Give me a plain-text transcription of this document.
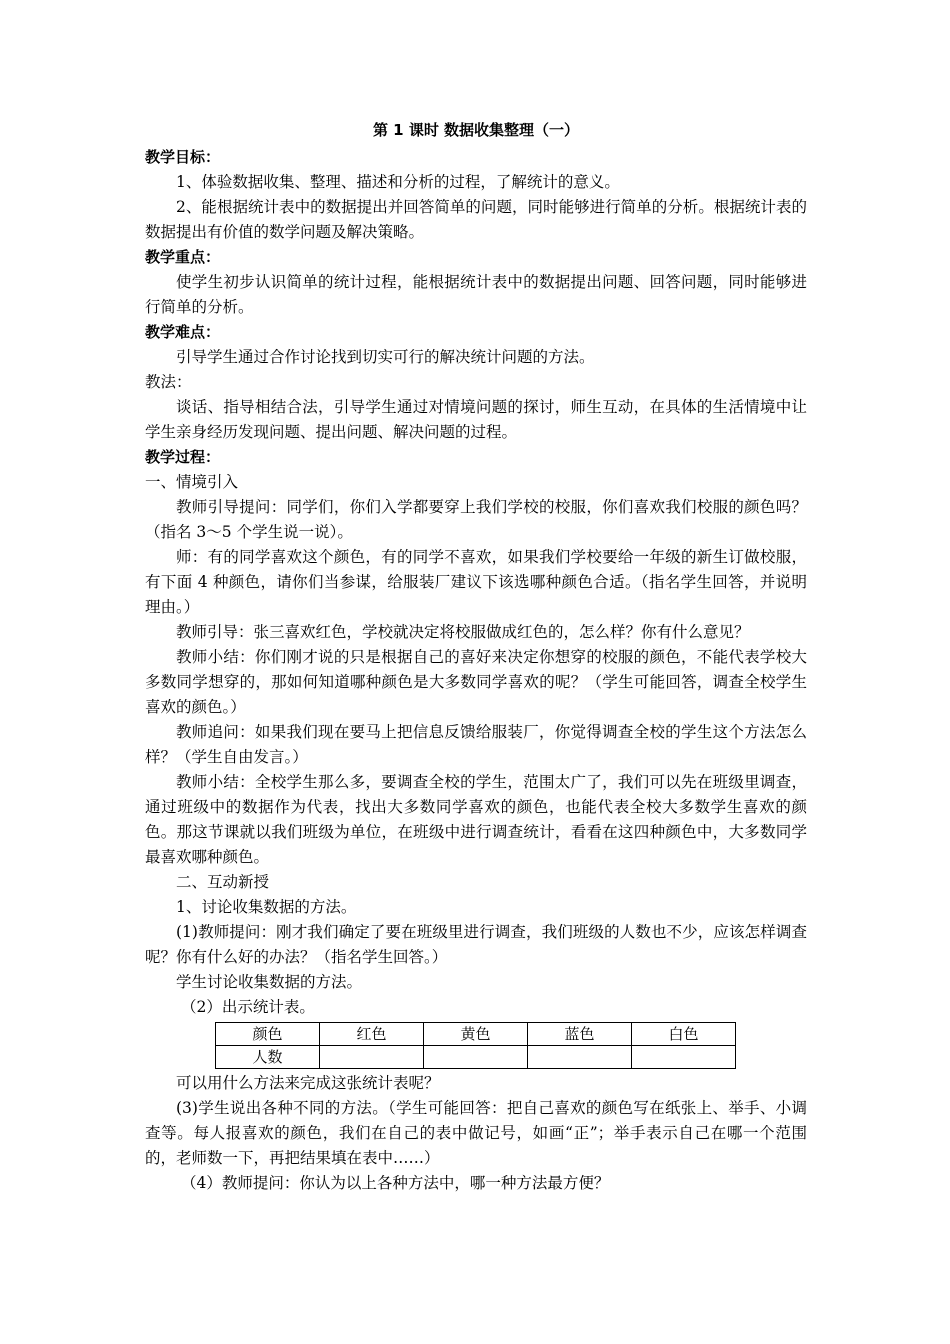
第 1 课时 数据收集整理（一）

教学目标：

1、体验数据收集、整理、描述和分析的过程，了解统计的意义。

2、能根据统计表中的数据提出并回答简单的问题，同时能够进行简单的分析。根据统计表的数据提出有价值的数学问题及解决策略。

教学重点：

使学生初步认识简单的统计过程，能根据统计表中的数据提出问题、回答问题，同时能够进行简单的分析。

教学难点：

引导学生通过合作讨论找到切实可行的解决统计问题的方法。

教法：

谈话、指导相结合法，引导学生通过对情境问题的探讨，师生互动，在具体的生活情境中让学生亲身经历发现问题、提出问题、解决问题的过程。

教学过程：

一、情境引入

教师引导提问：同学们，你们入学都要穿上我们学校的校服，你们喜欢我们校服的颜色吗？（指名 3～5 个学生说一说）。

师：有的同学喜欢这个颜色，有的同学不喜欢，如果我们学校要给一年级的新生订做校服，有下面 4 种颜色，请你们当参谋，给服装厂建议下该选哪种颜色合适。（指名学生回答，并说明理由。）

教师引导：张三喜欢红色，学校就决定将校服做成红色的，怎么样？你有什么意见？

教师小结：你们刚才说的只是根据自己的喜好来决定你想穿的校服的颜色，不能代表学校大多数同学想穿的，那如何知道哪种颜色是大多数同学喜欢的呢？（学生可能回答，调查全校学生喜欢的颜色。）

教师追问：如果我们现在要马上把信息反馈给服装厂，你觉得调查全校的学生这个方法怎么样？（学生自由发言。）

教师小结：全校学生那么多，要调查全校的学生，范围太广了，我们可以先在班级里调查，通过班级中的数据作为代表，找出大多数同学喜欢的颜色，也能代表全校大多数学生喜欢的颜色。那这节课就以我们班级为单位，在班级中进行调查统计，看看在这四种颜色中，大多数同学最喜欢哪种颜色。

二、互动新授

1、讨论收集数据的方法。

(1)教师提问：刚才我们确定了要在班级里进行调查，我们班级的人数也不少，应该怎样调查呢？你有什么好的办法？（指名学生回答。）

学生讨论收集数据的方法。

（2）出示统计表。

颜色	红色	黄色	蓝色	白色
人数				

可以用什么方法来完成这张统计表呢？

(3)学生说出各种不同的方法。（学生可能回答：把自己喜欢的颜色写在纸张上、举手、小调查等。每人报喜欢的颜色，我们在自己的表中做记号，如画“正”；举手表示自己在哪一个范围的，老师数一下，再把结果填在表中……）

（4）教师提问：你认为以上各种方法中，哪一种方法最方便？
